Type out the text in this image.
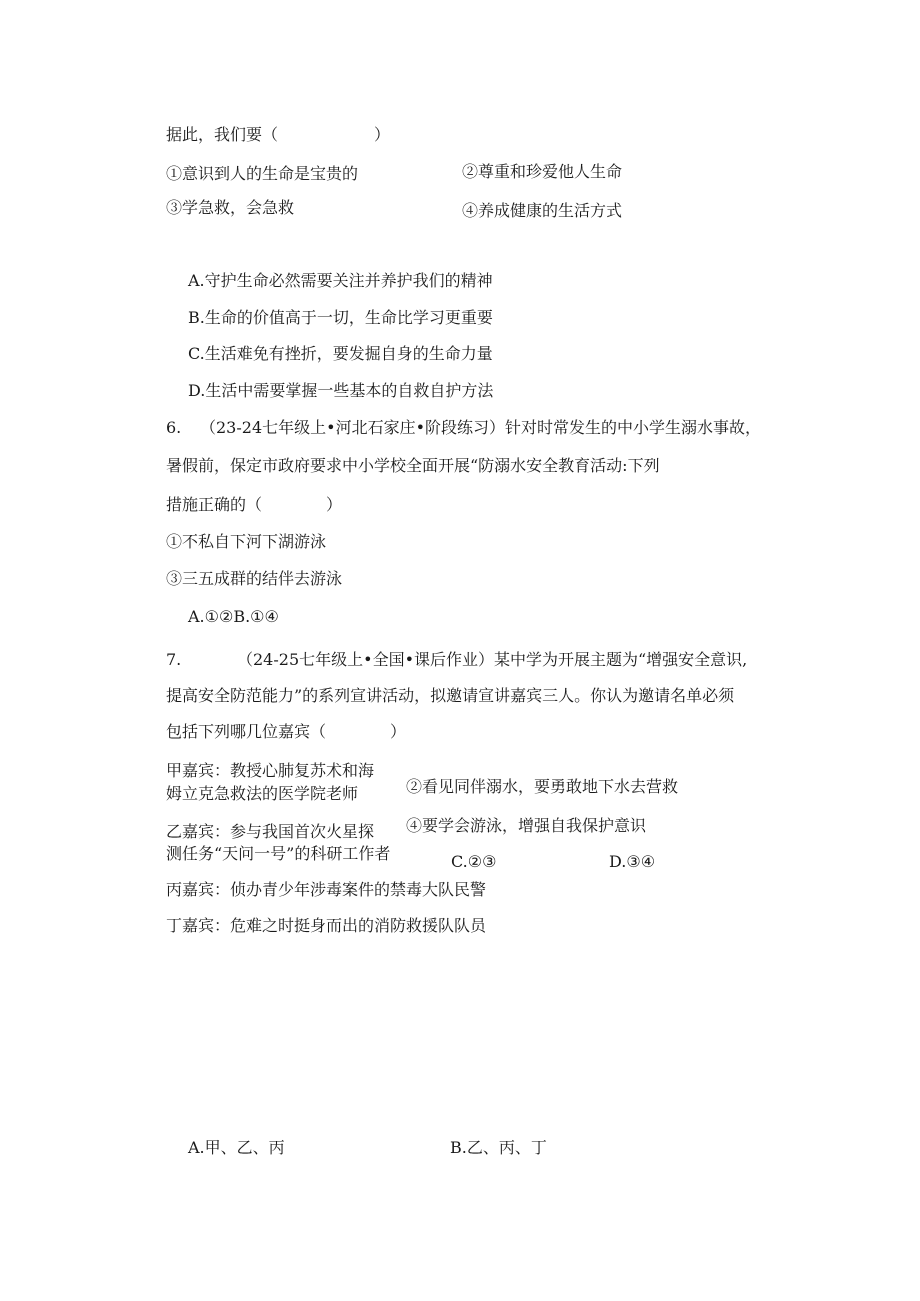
据此，我们要（　　　　　　）
①意识到人的生命是宝贵的	②尊重和珍爱他人生命
③学急救，会急救	④养成健康的生活方式
A.守护生命必然需要关注并养护我们的精神
B.生命的价值高于一切，生命比学习更重要
C.生活难免有挫折，要发掘自身的生命力量
D.生活中需要掌握一些基本的自救自护方法
6. （23-24七年级上•河北石家庄•阶段练习）针对时常发生的中小学生溺水事故，
暑假前，保定市政府要求中小学校全面开展“防溺水安全教育活动:下列
措施正确的（　　　　）
①不私自下河下湖游泳
③三五成群的结伴去游泳
A.①②B.①④
7.	（24-25七年级上•全国•课后作业）某中学为开展主题为“增强安全意识,
提高安全防范能力”的系列宣讲活动，拟邀请宣讲嘉宾三人。你认为邀请名单必须
包括下列哪几位嘉宾（　　　　）
甲嘉宾：教授心肺复苏术和海
姆立克急救法的医学院老师	②看见同伴溺水，要勇敢地下水去营救
乙嘉宾：参与我国首次火星探
测任务“天问一号”的科研工作者
④要学会游泳，增强自我保护意识
C.②③	D.③④
丙嘉宾：侦办青少年涉毒案件的禁毒大队民警
丁嘉宾：危难之时挺身而出的消防救援队队员
A.甲、乙、丙	B.乙、丙、丁
